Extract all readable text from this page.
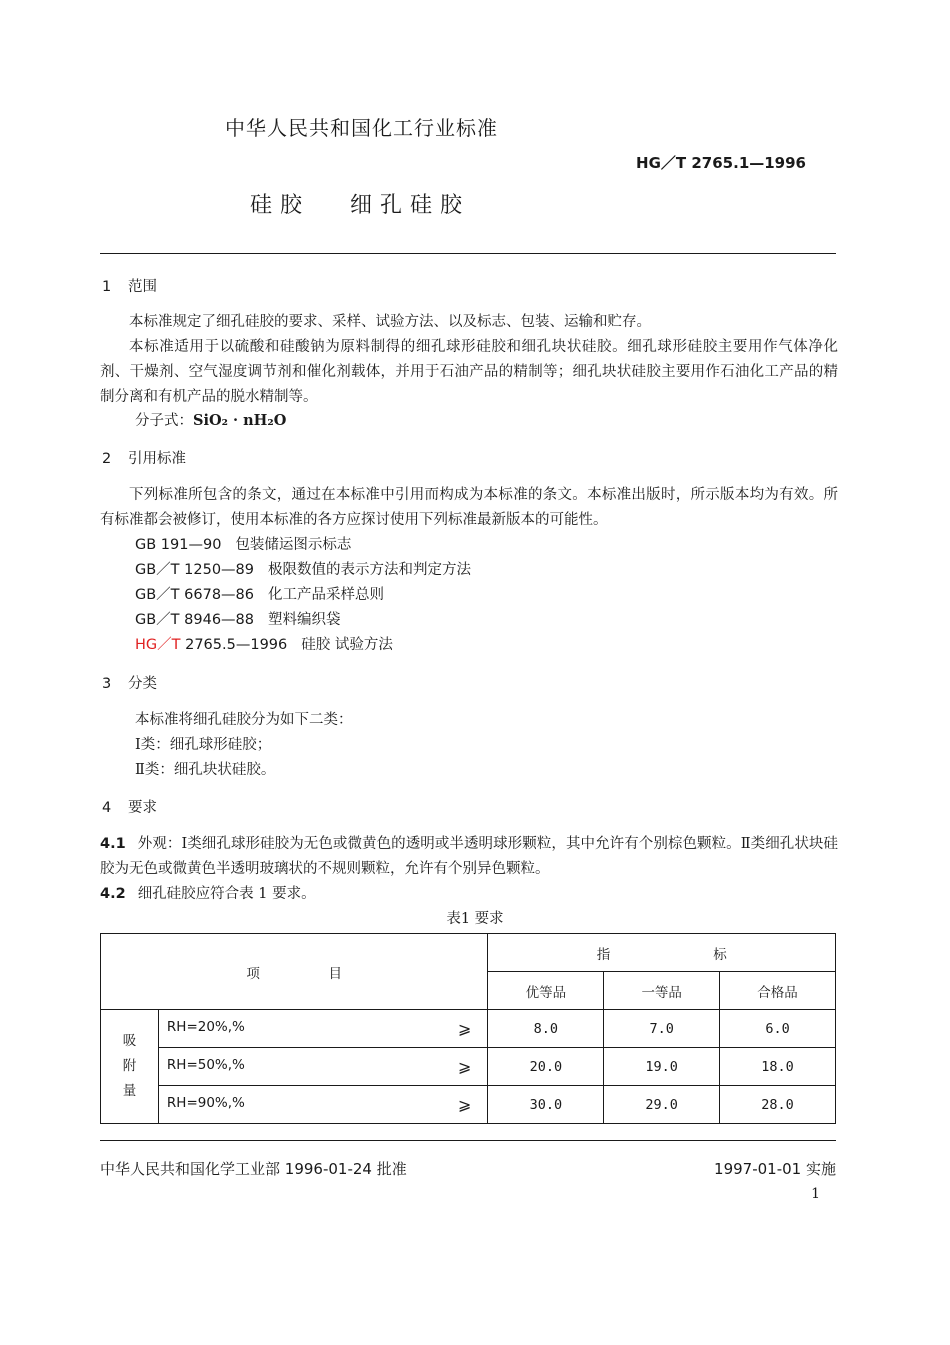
中华人民共和国化工行业标准
HG／T 2765.1—1996
硅胶 细孔硅胶
1 范围
本标准规定了细孔硅胶的要求、采样、试验方法、以及标志、包装、运输和贮存。
本标准适用于以硫酸和硅酸钠为原料制得的细孔球形硅胶和细孔块状硅胶。细孔球形硅胶主要用作气体净化剂、干燥剂、空气湿度调节剂和催化剂载体，并用于石油产品的精制等；细孔块状硅胶主要用作石油化工产品的精制分离和有机产品的脱水精制等。
分子式：SiO₂ · nH₂O
2 引用标准
下列标准所包含的条文，通过在本标准中引用而构成为本标准的条文。本标准出版时，所示版本均为有效。所有标准都会被修订，使用本标准的各方应探讨使用下列标准最新版本的可能性。
GB 191—90 包装储运图示标志
GB／T 1250—89 极限数值的表示方法和判定方法
GB／T 6678—86 化工产品采样总则
GB／T 8946—88 塑料编织袋
HG／T 2765.5—1996 硅胶 试验方法
3 分类
本标准将细孔硅胶分为如下二类：
Ⅰ类：细孔球形硅胶；
Ⅱ类：细孔块状硅胶。
4 要求
4.1 外观：Ⅰ类细孔球形硅胶为无色或微黄色的透明或半透明球形颗粒，其中允许有个别棕色颗粒。Ⅱ类细孔状块硅胶为无色或微黄色半透明玻璃状的不规则颗粒，允许有个别异色颗粒。
4.2 细孔硅胶应符合表 1 要求。
表1 要求
项                目		指                        标		
		优等品	一等品	合格品

吸
附
量	RH=20%,% ⩾	8.0	7.0	6.0
	RH=50%,% ⩾	20.0	19.0	18.0
	RH=90%,% ⩾	30.0	29.0	28.0
中华人民共和国化学工业部 1996-01-24 批准	1997-01-01 实施
1
